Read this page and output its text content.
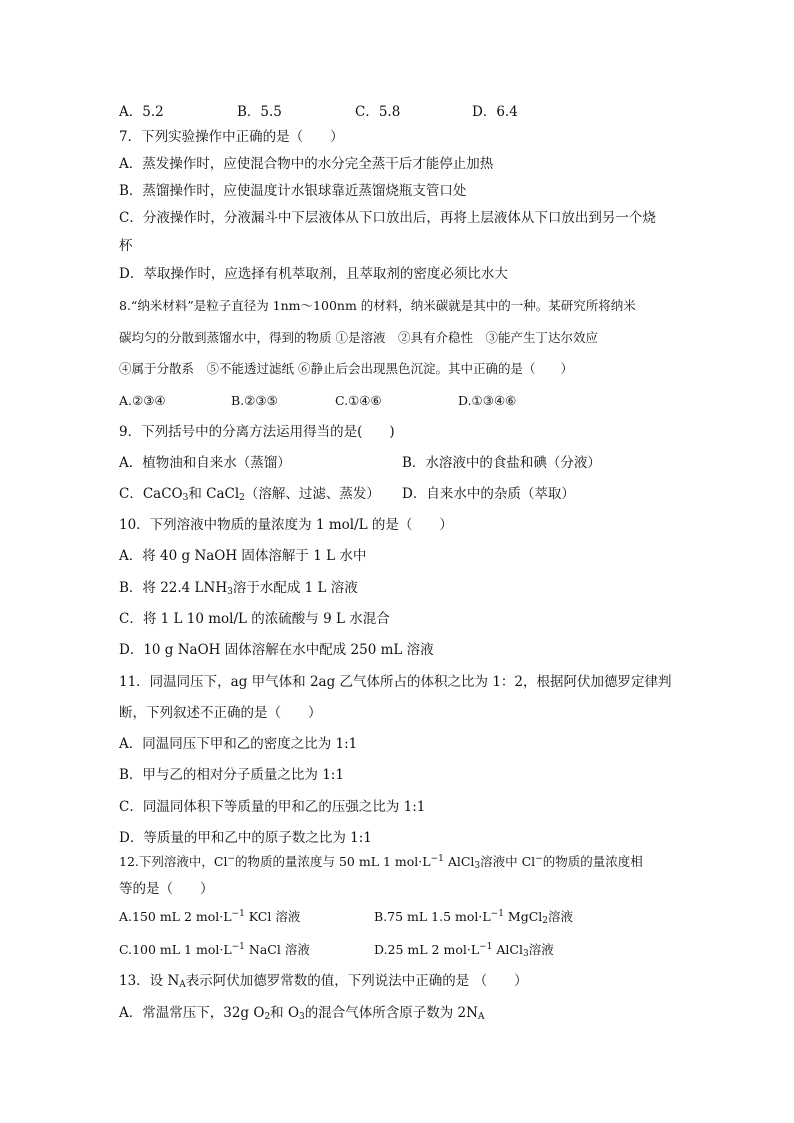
A．5.2	B．5.5	C．5.8	D．6.4
7．下列实验操作中正确的是（　　）
A．蒸发操作时，应使混合物中的水分完全蒸干后才能停止加热
B．蒸馏操作时，应使温度计水银球靠近蒸馏烧瓶支管口处
C．分液操作时，分液漏斗中下层液体从下口放出后，再将上层液体从下口放出到另一个烧
杯
D．萃取操作时，应选择有机萃取剂，且萃取剂的密度必须比水大
8.“纳米材料”是粒子直径为 1nm～100nm 的材料，纳米碳就是其中的一种。某研究所将纳米
碳均匀的分散到蒸馏水中，得到的物质 ①是溶液　②具有介稳性　③能产生丁达尔效应
④属于分散系　⑤不能透过滤纸 ⑥静止后会出现黑色沉淀。其中正确的是（　　）
A.②③④	B.②③⑤	C.①④⑥	D.①③④⑥
9．下列括号中的分离方法运用得当的是(　　)
A．植物油和自来水（蒸馏）	B．水溶液中的食盐和碘（分液）
C．CaCO$_3$和 CaCl$_2$（溶解、过滤、蒸发） D．自来水中的杂质（萃取）
10．下列溶液中物质的量浓度为 1 mol/L 的是（　　）
A．将 40 g NaOH 固体溶解于 1 L 水中
B．将 22.4 $LNH_3$溶于水配成 1 L 溶液
C．将 1 L 10 mol/L 的浓硫酸与 9 L 水混合
D．10 g NaOH 固体溶解在水中配成 250 mL 溶液
11．同温同压下，ag 甲气体和 2ag 乙气体所占的体积之比为 1：2，根据阿伏加德罗定律判
断，下列叙述不正确的是（　　）
A．同温同压下甲和乙的密度之比为 1:1
B．甲与乙的相对分子质量之比为 1:1
C．同温同体积下等质量的甲和乙的压强之比为 1:1
D．等质量的甲和乙中的原子数之比为 1:1
12.下列溶液中，Cl−的物质的量浓度与 50 mL 1 $mol\cdot L^{-1}$ AlCl$_3$溶液中 Cl−的物质的量浓度相
等的是（　　）
A.150 mL 2 $mol\cdot L^{-1}$ KCl 溶液	B.75 mL 1.5 $mol\cdot L^{-1}$ MgCl$_2$溶液
C.100 mL 1 $mol\cdot L^{-1}$ NaCl 溶液	D.25 mL 2 $mol\cdot L^{-1}$ AlCl$_3$溶液
13．设 $N_A$表示阿伏加德罗常数的值，下列说法中正确的是 （　　）
A．常温常压下，32g $O_2$和 $O_3$的混合气体所含原子数为 $2N_A$
